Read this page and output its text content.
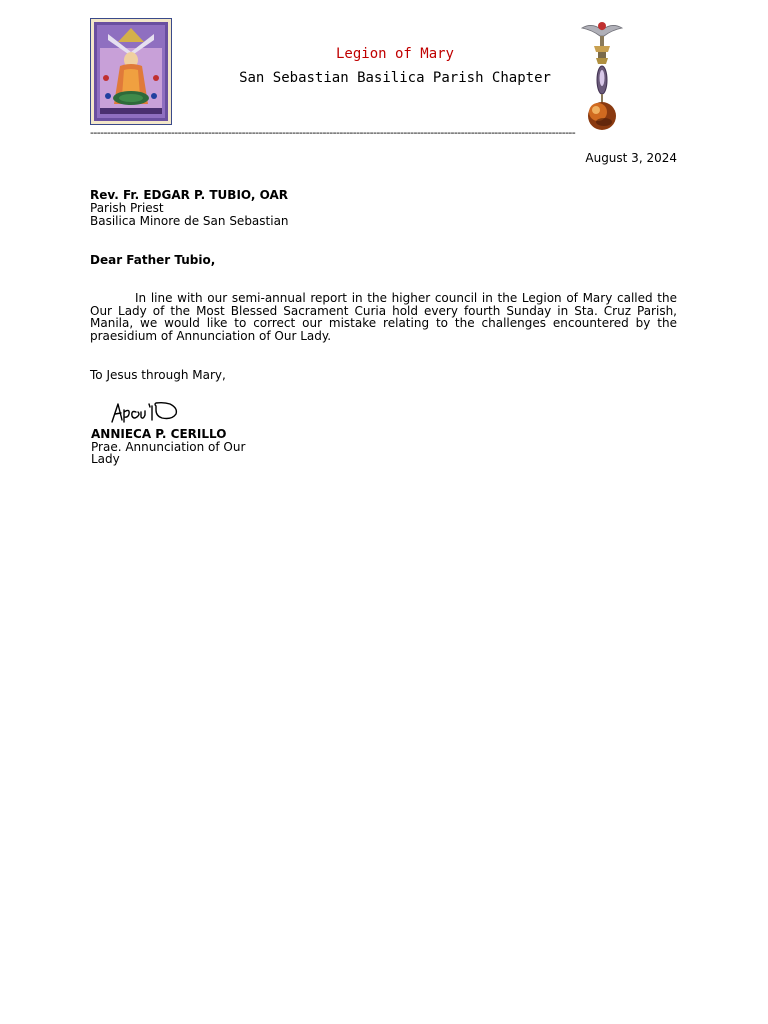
Legion of Mary
San Sebastian Basilica Parish Chapter
------------------------------------------------------------------------------------------------------------------------------------------------
August 3, 2024
Rev. Fr. EDGAR P. TUBIO, OAR
Parish Priest
Basilica Minore de San Sebastian
Dear Father Tubio,

In line with our semi-annual report in the higher council in the Legion of Mary called the Our Lady of the Most Blessed Sacrament Curia hold every fourth Sunday in Sta. Cruz Parish, Manila, we would like to correct our mistake relating to the challenges encountered by the praesidium of Annunciation of Our Lady.

To Jesus through Mary,
ANNIECA P. CERILLO
Prae. Annunciation of Our Lady
